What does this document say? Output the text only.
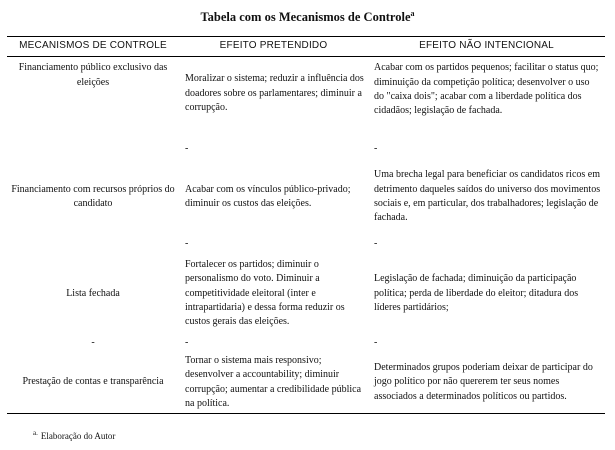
Tabela com os Mecanismos de Controle$^a$
MECANISMOS DE CONTROLE	EFEITO PRETENDIDO	EFEITO NÃO INTENCIONAL
Financiamento público exclusivo das eleições	Moralizar o sistema; reduzir a influência dos doadores sobre os parlamentares; diminuir a corrupção.	Acabar com os partidos pequenos; facilitar o status quo; diminuição da competição política; desenvolver o uso do "caixa dois"; acabar com a liberdade política dos cidadãos; legislação de fachada.
	-	-
Financiamento com recursos próprios do candidato	Acabar com os vínculos público-privado; diminuir os custos das eleições.	Uma brecha legal para beneficiar os candidatos ricos em detrimento daqueles saídos do universo dos movimentos sociais e, em particular, dos trabalhadores; legislação de fachada.
	-	-
Lista fechada	Fortalecer os partidos; diminuir o personalismo do voto. Diminuir a competitividade eleitoral (inter e intrapartidaria) e dessa forma reduzir os custos gerais das eleições.	Legislação de fachada; diminuição da participação política; perda de liberdade do eleitor; ditadura dos líderes partidários;
-	-	-
Prestação de contas e transparência	Tornar o sistema mais responsivo; desenvolver a accountability; diminuir corrupção; aumentar a credibilidade pública na política.	Determinados grupos poderiam deixar de participar do jogo político por não quererem ter seus nomes associados a determinados políticos ou partidos.
$^{a.}$ Elaboração do Autor
